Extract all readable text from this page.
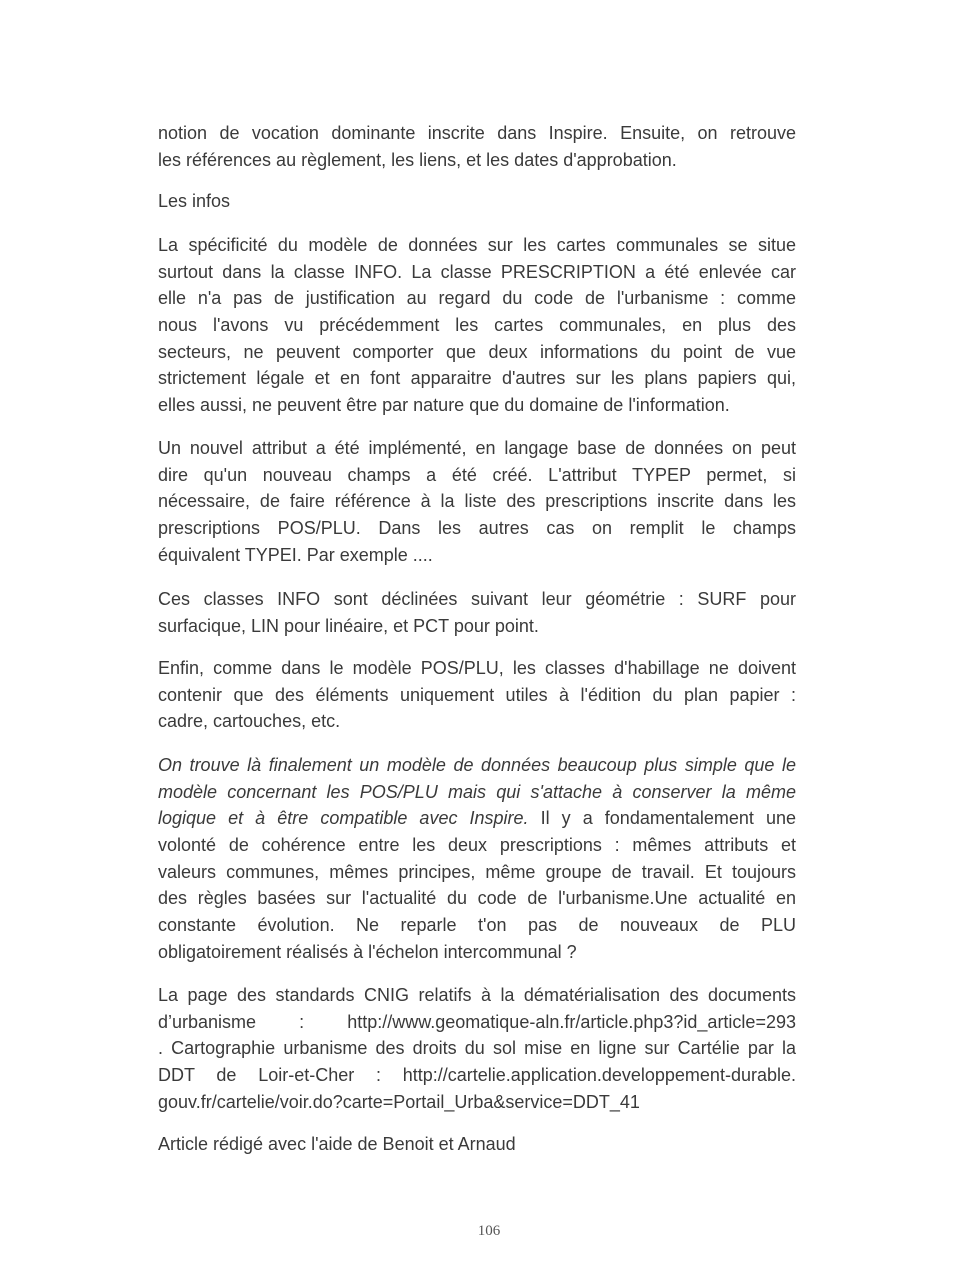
notion de vocation dominante inscrite dans Inspire. Ensuite, on retrouve
les références au règlement, les liens, et les dates d'approbation.
Les infos
La spécificité du modèle de données sur les cartes communales se situe
surtout dans la classe INFO. La classe PRESCRIPTION a été enlevée car
elle n'a pas de justification au regard du code de l'urbanisme : comme
nous l'avons vu précédemment les cartes communales, en plus des
secteurs, ne peuvent comporter que deux informations du point de vue
strictement légale et en font apparaitre d'autres sur les plans papiers qui,
elles aussi, ne peuvent être par nature que du domaine de l'information.
Un nouvel attribut a été implémenté, en langage base de données on peut
dire qu'un nouveau champs a été créé. L'attribut TYPEP permet, si
nécessaire, de faire référence à la liste des prescriptions inscrite dans les
prescriptions POS/PLU. Dans les autres cas on remplit le champs
équivalent TYPEI. Par exemple ....
Ces classes INFO sont déclinées suivant leur géométrie : SURF pour
surfacique, LIN pour linéaire, et PCT pour point.
Enfin, comme dans le modèle POS/PLU, les classes d'habillage ne doivent
contenir que des éléments uniquement utiles à l'édition du plan papier :
cadre, cartouches, etc.
On trouve là finalement un modèle de données beaucoup plus simple que le
modèle concernant les POS/PLU mais qui s'attache à conserver la même
logique et à être compatible avec Inspire. Il y a fondamentalement une
volonté de cohérence entre les deux prescriptions : mêmes attributs et
valeurs communes, mêmes principes, même groupe de travail. Et toujours
des règles basées sur l'actualité du code de l'urbanisme.Une actualité en
constante évolution. Ne reparle t'on pas de nouveaux de PLU
obligatoirement réalisés à l'échelon intercommunal ?
La page des standards CNIG relatifs à la dématérialisation des documents
d’urbanisme : http://www.geomatique-aln.fr/article.php3?id_article=293
. Cartographie urbanisme des droits du sol mise en ligne sur Cartélie par la
DDT de Loir-et-Cher : http://cartelie.application.developpement-durable.
gouv.fr/cartelie/voir.do?carte=Portail_Urba&service=DDT_41
Article rédigé avec l'aide de Benoit et Arnaud
106
